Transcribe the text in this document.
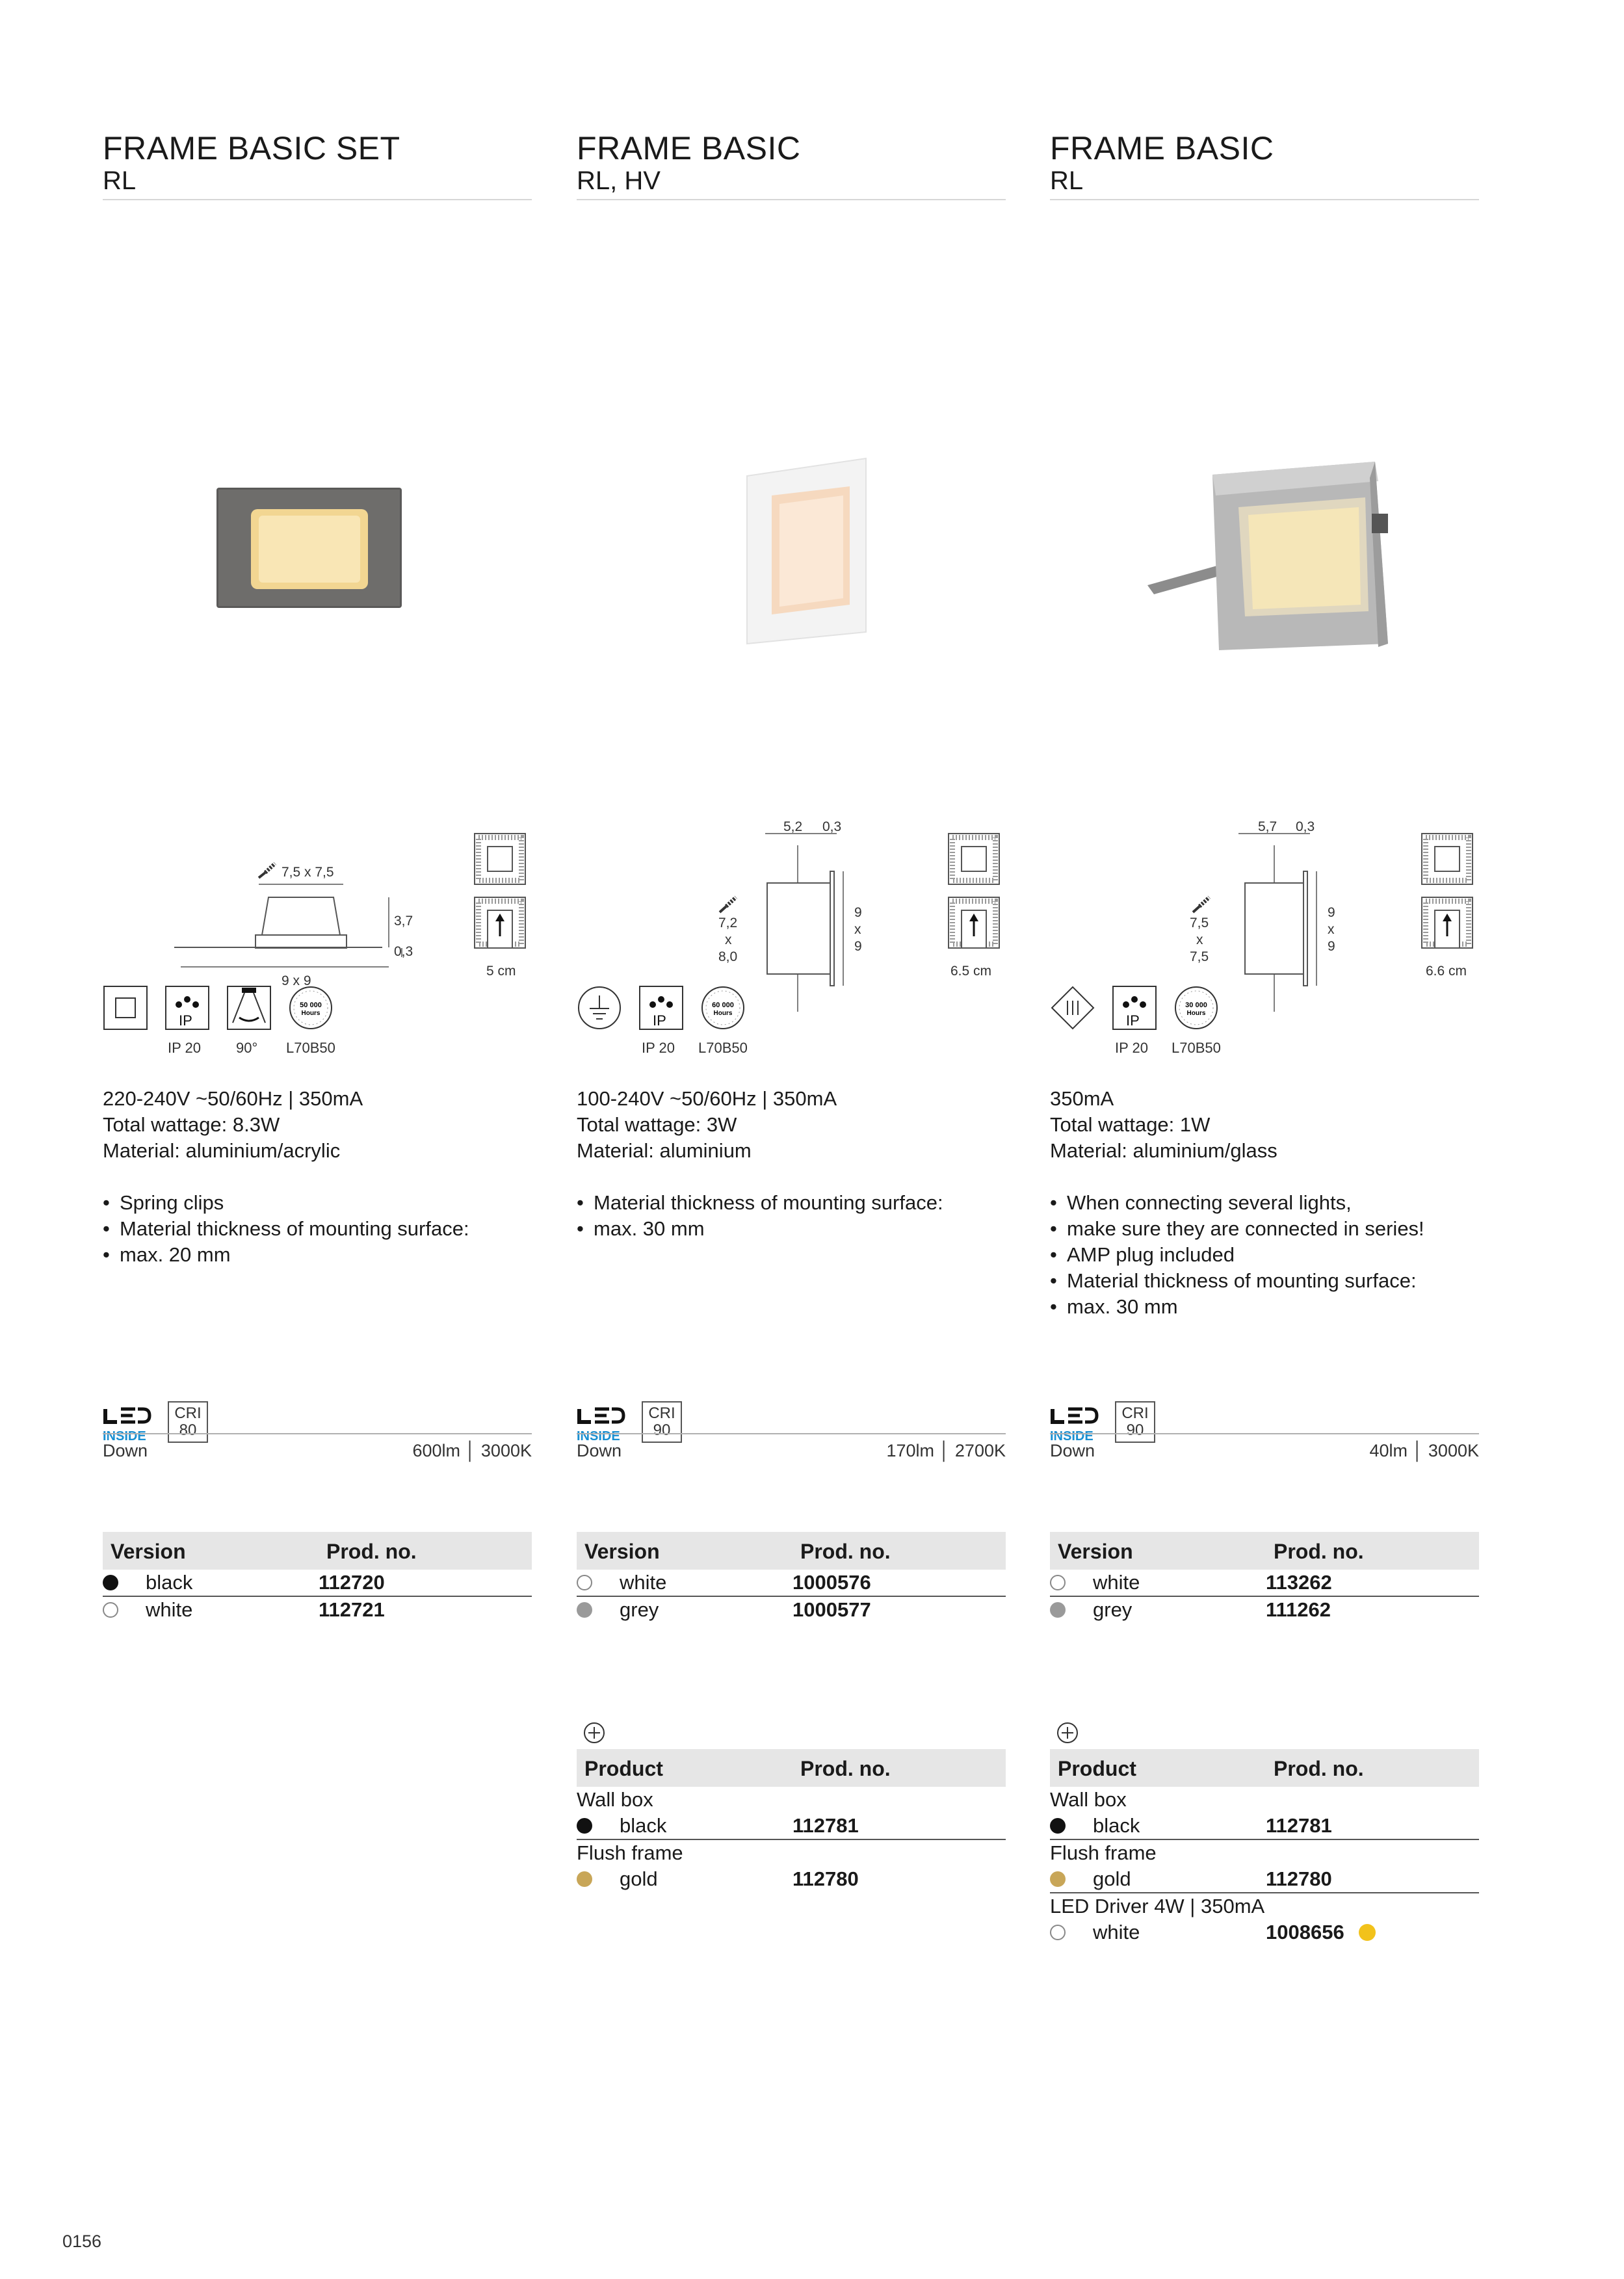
FRAME BASIC SET
RL
7,5 x 7,5
3,7
0,3
9 x 9
5 cm
IP
IP 20 90°
50 000
Hours
L70B50

220-240V ~50/60Hz | 350mA

Total wattage: 8.3W

Material: aluminium/acrylic

• Spring clips
• Material thickness of mounting surface:
• max. 20 mm
INSIDE
CRI
80
Down	600lm │ 3000K
Version	Prod. no.

black	112720

white	112721
FRAME BASIC
RL, HV
5,2 0,3
7,2
x
8,0
9
x
9
6.5 cm
IP
IP 20
60 000
Hours
L70B50

100-240V ~50/60Hz | 350mA

Total wattage: 3W

Material: aluminium

• Material thickness of mounting surface:
• max. 30 mm
INSIDE
CRI
90
Down	170lm │ 2700K
Version	Prod. no.

white	1000576

grey	1000577
Product	Prod. no.
Wall box	

black	112781
Flush frame	

gold	112780
FRAME BASIC
RL
5,7 0,3
7,5
x
7,5
9
x
9
6.6 cm
IP
IP 20
30 000
Hours
L70B50

350mA

Total wattage: 1W

Material: aluminium/glass

• When connecting several lights,
• make sure they are connected in series!
• AMP plug included
• Material thickness of mounting surface:
• max. 30 mm
INSIDE
CRI
90
Down	40lm │ 3000K
Version	Prod. no.

white	113262

grey	111262
Product	Prod. no.
Wall box	

black	112781
Flush frame	

gold	112780
LED Driver 4W | 350mA	

white	1008656
0156
